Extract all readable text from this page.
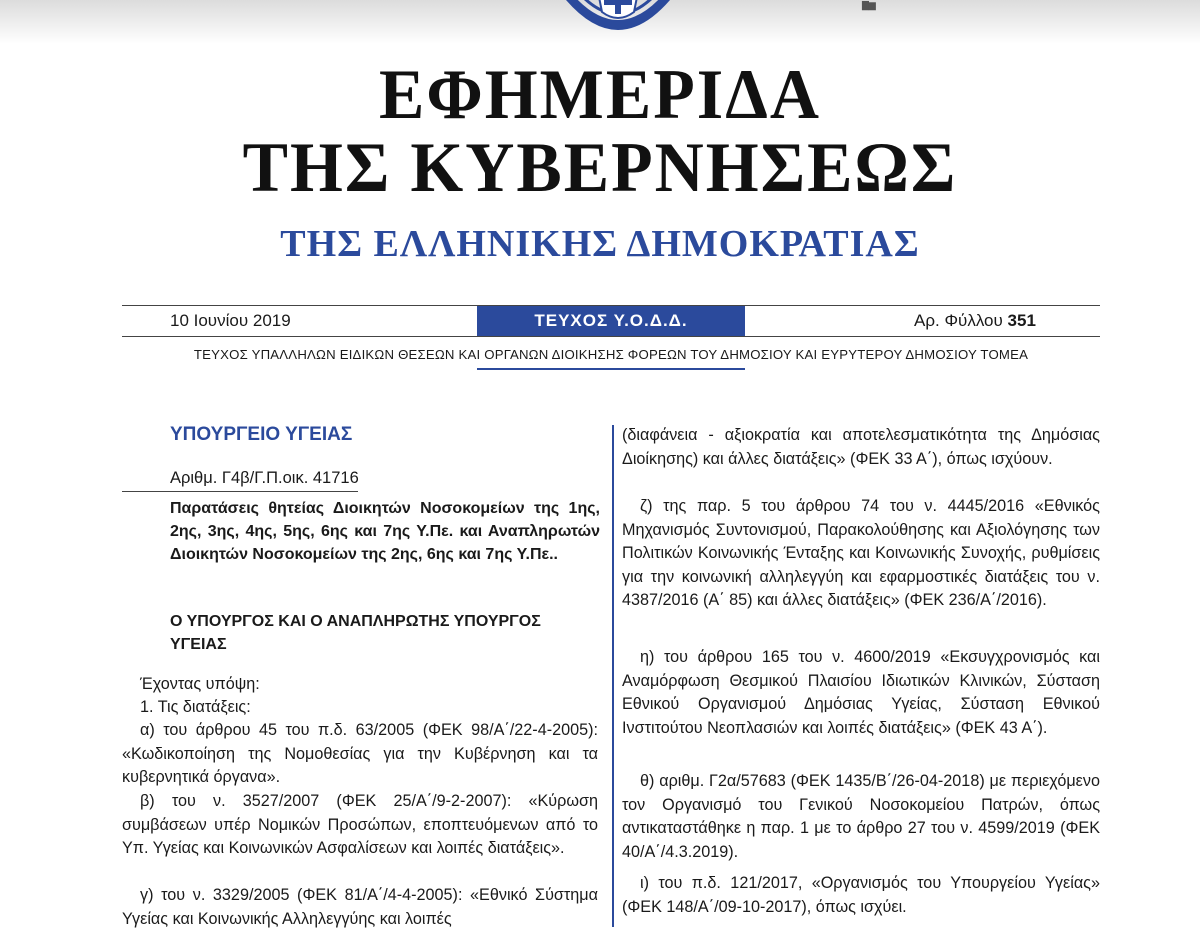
▇▆
ΕΦΗΜΕΡΙΔΑ
ΤΗΣ ΚΥΒΕΡΝΗΣΕΩΣ
ΤΗΣ ΕΛΛΗΝΙΚΗΣ ΔΗΜΟΚΡΑΤΙΑΣ
10 Ιουνίου 2019	ΤΕΥΧΟΣ Υ.Ο.Δ.Δ.	Αρ. Φύλλου 351
ΤΕΥΧΟΣ ΥΠΑΛΛΗΛΩΝ ΕΙΔΙΚΩΝ ΘΕΣΕΩΝ ΚΑΙ ΟΡΓΑΝΩΝ ΔΙΟΙΚΗΣΗΣ ΦΟΡΕΩΝ ΤΟΥ ΔΗΜΟΣΙΟΥ ΚΑΙ ΕΥΡΥΤΕΡΟΥ ΔΗΜΟΣΙΟΥ ΤΟΜΕΑ
ΥΠΟΥΡΓΕΙΟ ΥΓΕΙΑΣ
Αριθμ. Γ4β/Γ.Π.οικ. 41716
Παρατάσεις θητείας Διοικητών Νοσοκομείων της 1ης, 2ης, 3ης, 4ης, 5ης, 6ης και 7ης Υ.Πε. και Αναπληρωτών Διοικητών Νοσοκομείων της 2ης, 6ης και 7ης Υ.Πε..
Ο ΥΠΟΥΡΓΟΣ ΚΑΙ Ο ΑΝΑΠΛΗΡΩΤΗΣ ΥΠΟΥΡΓΟΣ ΥΓΕΙΑΣ
Έχοντας υπόψη:
1. Τις διατάξεις:
α) του άρθρου 45 του π.δ. 63/2005 (ΦΕΚ 98/Α΄/22-4-2005): «Κωδικοποίηση της Νομοθεσίας για την Κυβέρνηση και τα κυβερνητικά όργανα».
β) του ν. 3527/2007 (ΦΕΚ 25/Α΄/9-2-2007): «Κύρωση συμβάσεων υπέρ Νομικών Προσώπων, εποπτευόμενων από το Υπ. Υγείας και Κοινωνικών Ασφαλίσεων και λοιπές διατάξεις».
γ) του ν. 3329/2005 (ΦΕΚ 81/Α΄/4-4-2005): «Εθνικό Σύστημα Υγείας και Κοινωνικής Αλληλεγγύης και λοιπές
(διαφάνεια - αξιοκρατία και αποτελεσματικότητα της Δημόσιας Διοίκησης) και άλλες διατάξεις» (ΦΕΚ 33 Α΄), όπως ισχύουν.
ζ) της παρ. 5 του άρθρου 74 του ν. 4445/2016 «Εθνικός Μηχανισμός Συντονισμού, Παρακολούθησης και Αξιολόγησης των Πολιτικών Κοινωνικής Ένταξης και Κοινωνικής Συνοχής, ρυθμίσεις για την κοινωνική αλληλεγγύη και εφαρμοστικές διατάξεις του ν. 4387/2016 (Α΄ 85) και άλλες διατάξεις» (ΦΕΚ 236/Α΄/2016).
η) του άρθρου 165 του ν. 4600/2019 «Εκσυγχρονισμός και Αναμόρφωση Θεσμικού Πλαισίου Ιδιωτικών Κλινικών, Σύσταση Εθνικού Οργανισμού Δημόσιας Υγείας, Σύσταση Εθνικού Ινστιτούτου Νεοπλασιών και λοιπές διατάξεις» (ΦΕΚ 43 Α΄).
θ) αριθμ. Γ2α/57683 (ΦΕΚ 1435/Β΄/26-04-2018) με περιεχόμενο τον Οργανισμό του Γενικού Νοσοκομείου Πατρών, όπως αντικαταστάθηκε η παρ. 1 με το άρθρο 27 του ν. 4599/2019 (ΦΕΚ 40/Α΄/4.3.2019).
ι) του π.δ. 121/2017, «Οργανισμός του Υπουργείου Υγείας» (ΦΕΚ 148/Α΄/09-10-2017), όπως ισχύει.
